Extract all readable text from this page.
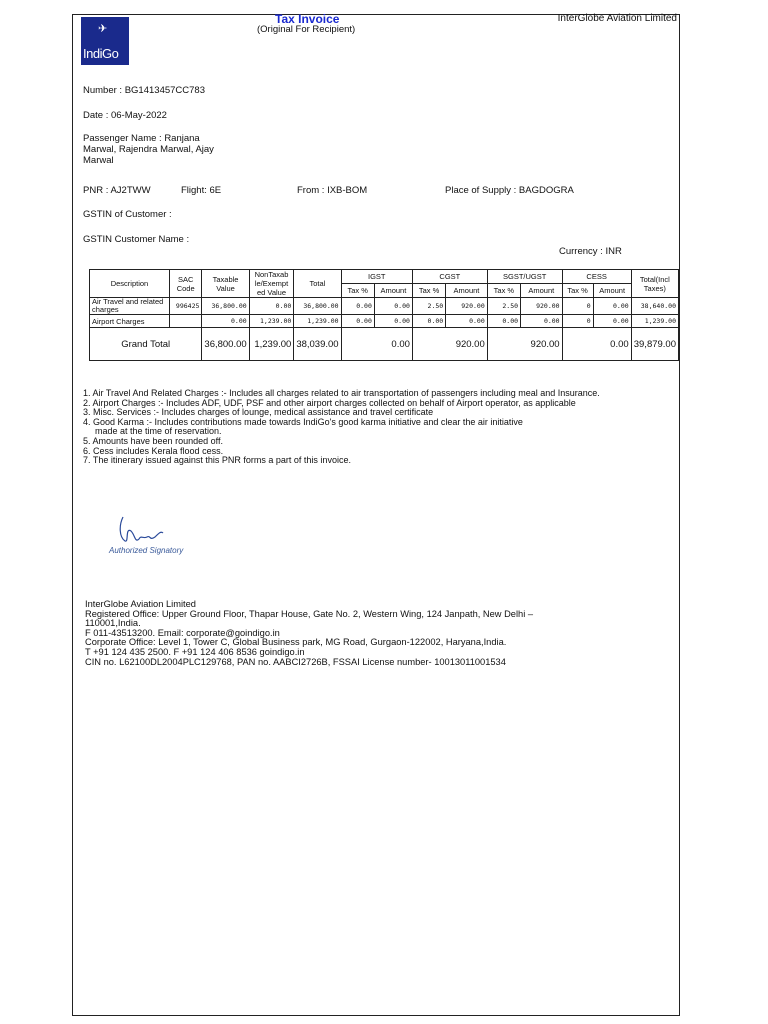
✈
IndiGo
Tax Invoice
(Original For Recipient)
InterGlobe Aviation Limited
Number : BG1413457CC783
Date : 06-May-2022
Passenger Name : Ranjana
Marwal, Rajendra Marwal, Ajay
Marwal
PNR : AJ2TWW	Flight: 6E	From : IXB-BOM	Place of Supply : BAGDOGRA
GSTIN of Customer :
GSTIN Customer Name :
Currency : INR
Description	SAC Code	Taxable Value	NonTaxab le/Exempt ed Value	Total	IGST		CGST		SGST/UGST		CESS		Total(Incl Taxes)
					Tax %	Amount	Tax %	Amount	Tax %	Amount	Tax %	Amount	
Air Travel and related charges	996425	36,800.00	0.00	36,800.00	0.00	0.00	2.50	920.00	2.50	920.00	0	0.00	38,640.00
Airport Charges		0.00	1,239.00	1,239.00	0.00	0.00	0.00	0.00	0.00	0.00	0	0.00	1,239.00
Grand Total		36,800.00	1,239.00	38,039.00	0.00		920.00		920.00		0.00		39,879.00
1. Air Travel And Related Charges :- Includes all charges related to air transportation of passengers including meal and Insurance.
2. Airport Charges :- Includes ADF, UDF, PSF and other airport charges collected on behalf of Airport operator, as applicable
3. Misc. Services :- Includes charges of lounge, medical assistance and travel certificate
4. Good Karma :- Includes contributions made towards IndiGo's good karma initiative and clear the air initiative
made at the time of reservation.
5. Amounts have been rounded off.
6. Cess includes Kerala flood cess.
7. The itinerary issued against this PNR forms a part of this invoice.
Authorized Signatory
InterGlobe Aviation Limited
Registered Office: Upper Ground Floor, Thapar House, Gate No. 2, Western Wing, 124 Janpath, New Delhi –
110001,India.
F 011-43513200. Email: corporate@goindigo.in
Corporate Office: Level 1, Tower C, Global Business park, MG Road, Gurgaon-122002, Haryana,India.
T +91 124 435 2500. F +91 124 406 8536 goindigo.in
CIN no. L62100DL2004PLC129768, PAN no. AABCI2726B, FSSAI License number- 10013011001534
